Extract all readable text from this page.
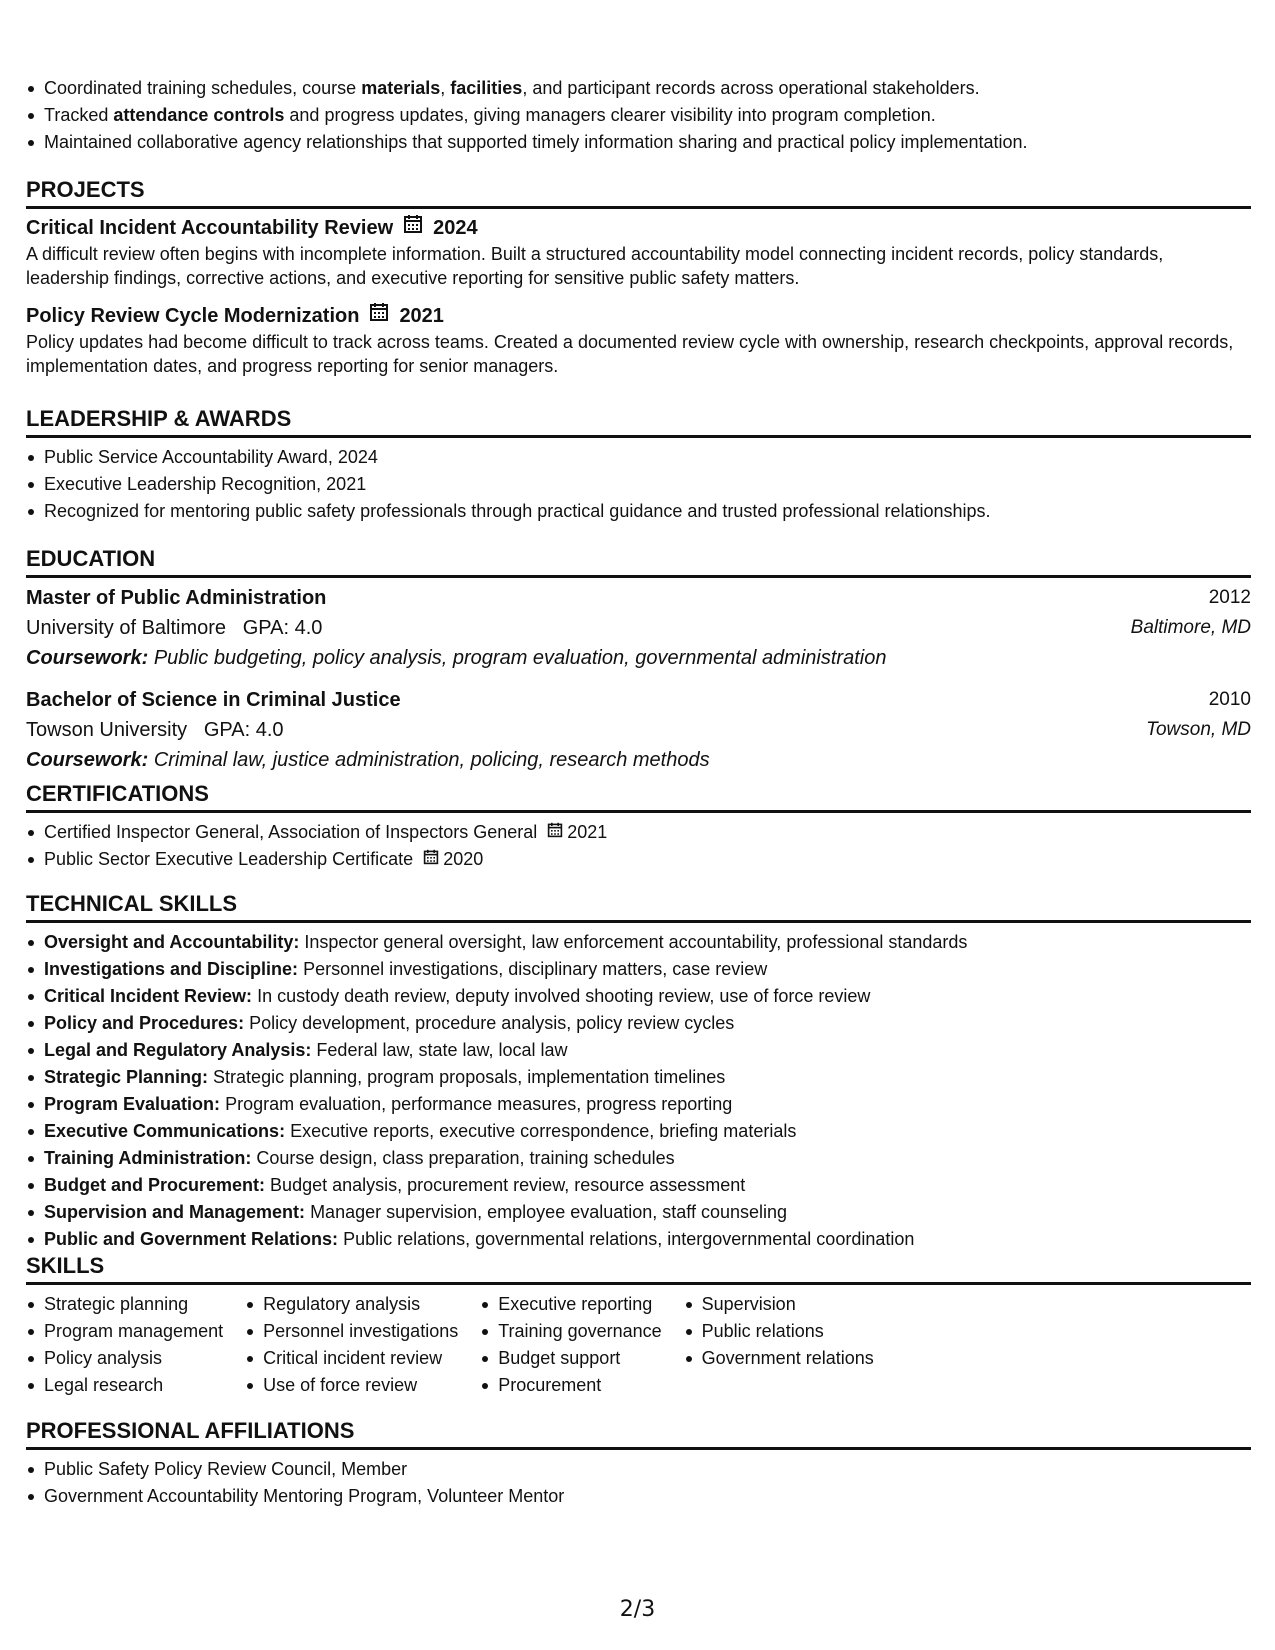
Coordinated training schedules, course materials, facilities, and participant records across operational stakeholders.
Tracked attendance controls and progress updates, giving managers clearer visibility into program completion.
Maintained collaborative agency relationships that supported timely information sharing and practical policy implementation.
PROJECTS
Critical Incident Accountability Review 2024
A difficult review often begins with incomplete information. Built a structured accountability model connecting incident records, policy standards, leadership findings, corrective actions, and executive reporting for sensitive public safety matters.
Policy Review Cycle Modernization 2021
Policy updates had become difficult to track across teams. Created a documented review cycle with ownership, research checkpoints, approval records, implementation dates, and progress reporting for senior managers.
LEADERSHIP & AWARDS
Public Service Accountability Award, 2024
Executive Leadership Recognition, 2021
Recognized for mentoring public safety professionals through practical guidance and trusted professional relationships.
EDUCATION
Master of Public Administration	2012
University of Baltimore GPA: 4.0	Baltimore, MD
Coursework: Public budgeting, policy analysis, program evaluation, governmental administration
Bachelor of Science in Criminal Justice	2010
Towson University GPA: 4.0	Towson, MD
Coursework: Criminal law, justice administration, policing, research methods
CERTIFICATIONS
Certified Inspector General, Association of Inspectors General 2021
Public Sector Executive Leadership Certificate 2020
TECHNICAL SKILLS
Oversight and Accountability: Inspector general oversight, law enforcement accountability, professional standards
Investigations and Discipline: Personnel investigations, disciplinary matters, case review
Critical Incident Review: In custody death review, deputy involved shooting review, use of force review
Policy and Procedures: Policy development, procedure analysis, policy review cycles
Legal and Regulatory Analysis: Federal law, state law, local law
Strategic Planning: Strategic planning, program proposals, implementation timelines
Program Evaluation: Program evaluation, performance measures, progress reporting
Executive Communications: Executive reports, executive correspondence, briefing materials
Training Administration: Course design, class preparation, training schedules
Budget and Procurement: Budget analysis, procurement review, resource assessment
Supervision and Management: Manager supervision, employee evaluation, staff counseling
Public and Government Relations: Public relations, governmental relations, intergovernmental coordination
SKILLS
Strategic planning
Program management
Policy analysis
Legal research
Regulatory analysis
Personnel investigations
Critical incident review
Use of force review
Executive reporting
Training governance
Budget support
Procurement
Supervision
Public relations
Government relations
PROFESSIONAL AFFILIATIONS
Public Safety Policy Review Council, Member
Government Accountability Mentoring Program, Volunteer Mentor
2/3
